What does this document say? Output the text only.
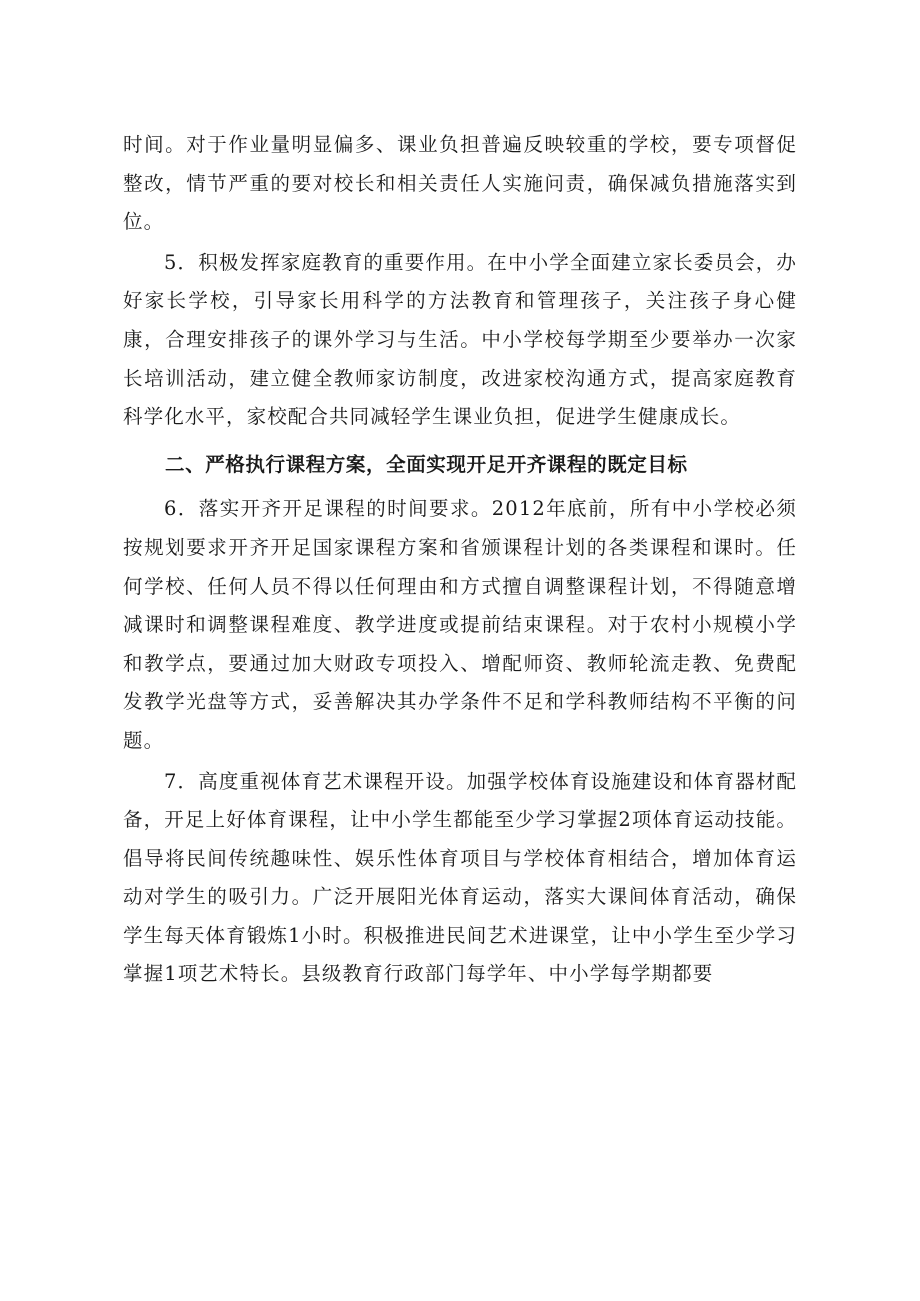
时间。对于作业量明显偏多、课业负担普遍反映较重的学校，要专项督促整改，情节严重的要对校长和相关责任人实施问责，确保减负措施落实到位。

5．积极发挥家庭教育的重要作用。在中小学全面建立家长委员会，办好家长学校，引导家长用科学的方法教育和管理孩子，关注孩子身心健康，合理安排孩子的课外学习与生活。中小学校每学期至少要举办一次家长培训活动，建立健全教师家访制度，改进家校沟通方式，提高家庭教育科学化水平，家校配合共同减轻学生课业负担，促进学生健康成长。

二、严格执行课程方案，全面实现开足开齐课程的既定目标

6．落实开齐开足课程的时间要求。2012年底前，所有中小学校必须按规划要求开齐开足国家课程方案和省颁课程计划的各类课程和课时。任何学校、任何人员不得以任何理由和方式擅自调整课程计划，不得随意增减课时和调整课程难度、教学进度或提前结束课程。对于农村小规模小学和教学点，要通过加大财政专项投入、增配师资、教师轮流走教、免费配发教学光盘等方式，妥善解决其办学条件不足和学科教师结构不平衡的问题。

7．高度重视体育艺术课程开设。加强学校体育设施建设和体育器材配备，开足上好体育课程，让中小学生都能至少学习掌握2项体育运动技能。倡导将民间传统趣味性、娱乐性体育项目与学校体育相结合，增加体育运动对学生的吸引力。广泛开展阳光体育运动，落实大课间体育活动，确保学生每天体育锻炼1小时。积极推进民间艺术进课堂，让中小学生至少学习掌握1项艺术特长。县级教育行政部门每学年、中小学每学期都要
